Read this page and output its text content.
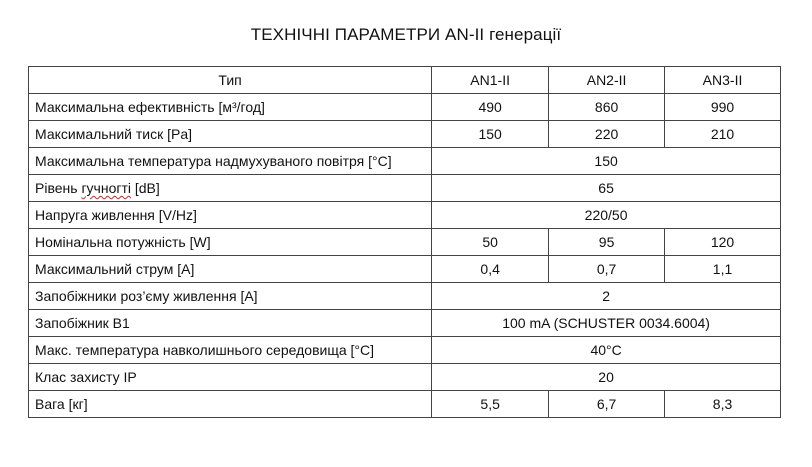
ТЕХНІЧНІ ПАРАМЕТРИ AN-II генерації
Тип	AN1-II	AN2-II	AN3-II
Максимальна ефективність [м³/год]	490	860	990
Максимальний тиск [Pa]	150	220	210
Максимальна температура надмухуваного повітря [°C]	150		
Рівень гучногті [dB]	65		
Напруга живлення [V/Hz]	220/50		
Номінальна потужність [W]	50	95	120
Максимальний струм [A]	0,4	0,7	1,1
Запобіжники роз’єму живлення [A]	2		
Запобіжник B1	100 mA (SCHUSTER 0034.6004)		
Макс. температура навколишнього середовища [°C]	40°C		
Клас захисту IP	20		
Вага [кг]	5,5	6,7	8,3
